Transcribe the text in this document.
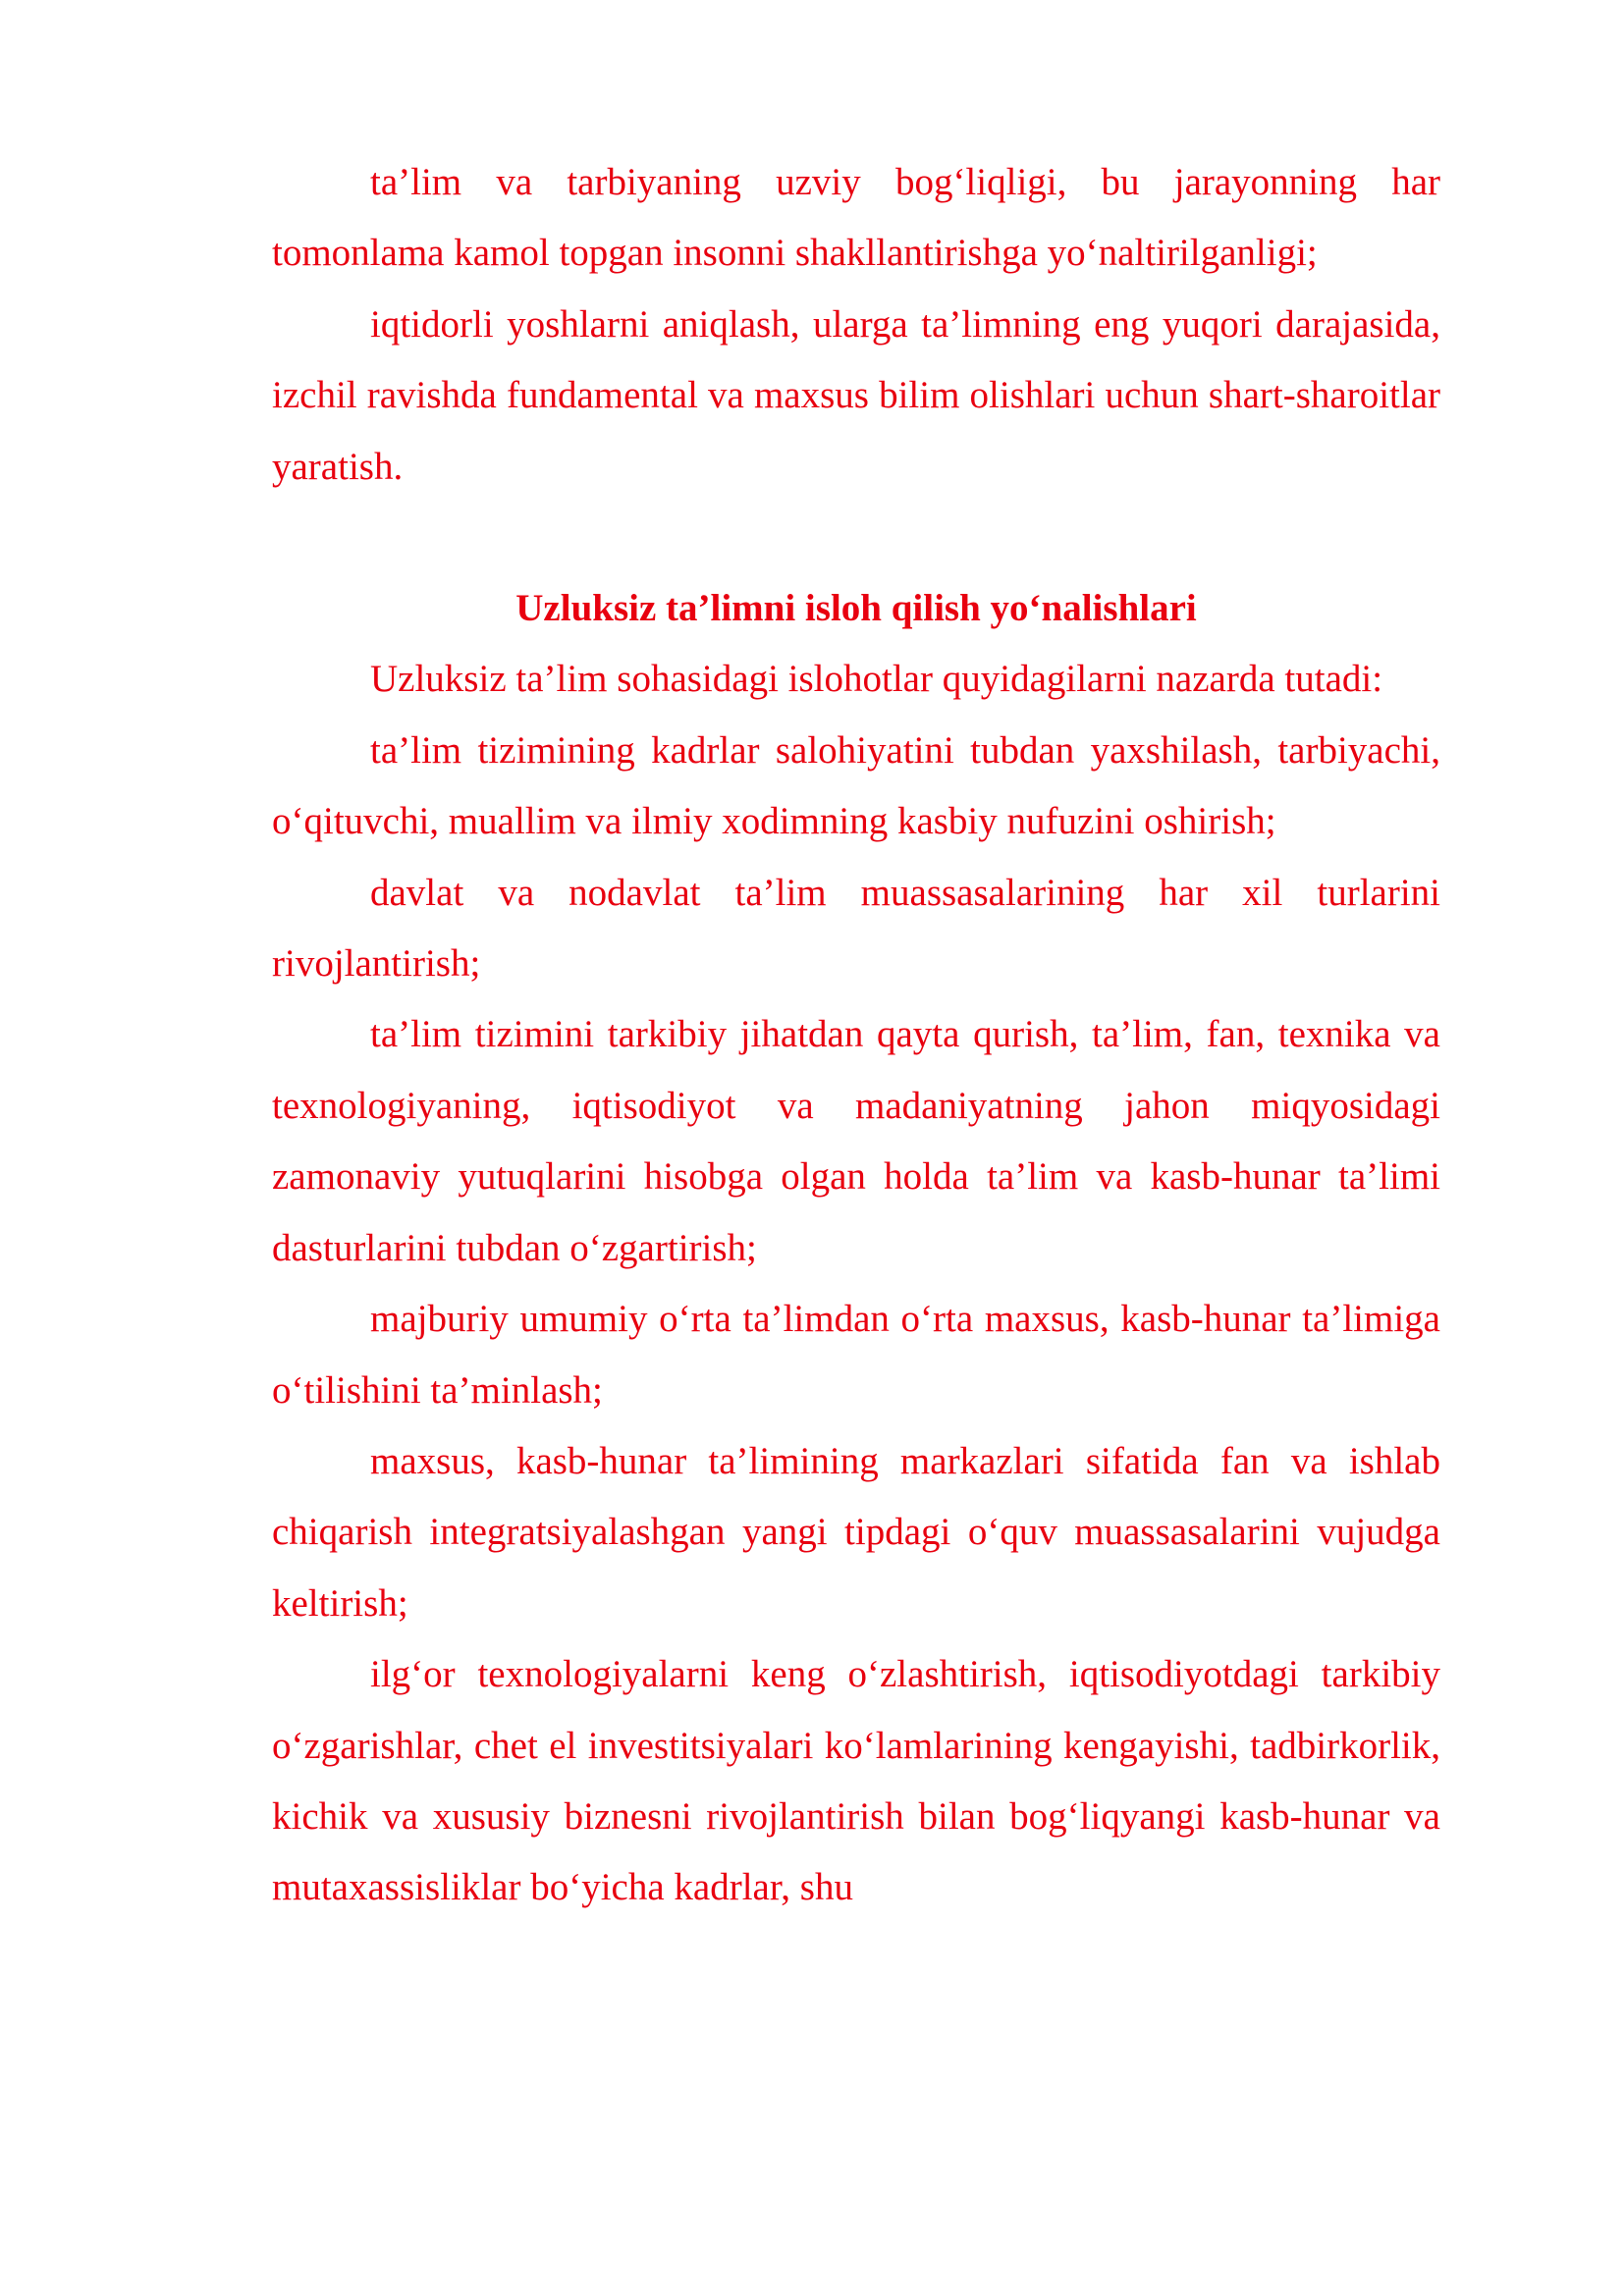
ta’lim va tarbiyaning uzviy bog‘liqligi, bu jarayonning har tomonlama kamol topgan insonni shakllantirishga yo‘naltirilganligi;

iqtidorli yoshlarni aniqlash, ularga ta’limning eng yuqori darajasida, izchil ravishda fundamental va maxsus bilim olishlari uchun shart-sharoitlar yaratish.

Uzluksiz ta’limni isloh qilish yo‘nalishlari

Uzluksiz ta’lim sohasidagi islohotlar quyidagilarni nazarda tutadi:

ta’lim tizimining kadrlar salohiyatini tubdan yaxshilash, tarbiyachi, o‘qituvchi, muallim va ilmiy xodimning kasbiy nufuzini oshirish;

davlat va nodavlat ta’lim muassasalarining har xil turlarini rivojlantirish;

ta’lim tizimini tarkibiy jihatdan qayta qurish, ta’lim, fan, texnika va texnologiyaning, iqtisodiyot va madaniyatning jahon miqyosidagi zamonaviy yutuqlarini hisobga olgan holda ta’lim va kasb-hunar ta’limi dasturlarini tubdan o‘zgartirish;

majburiy umumiy o‘rta ta’limdan o‘rta maxsus, kasb-hunar ta’limiga o‘tilishini ta’minlash;

maxsus, kasb-hunar ta’limining markazlari sifatida fan va ishlab chiqarish integratsiyalashgan yangi tipdagi o‘quv muassasalarini vujudga keltirish;

ilg‘or texnologiyalarni keng o‘zlashtirish, iqtisodiyotdagi tarkibiy o‘zgarishlar, chet el investitsiyalari ko‘lamlarining kengayishi, tadbirkorlik, kichik va xususiy biznesni rivojlantirish bilan bog‘liqyangi kasb-hunar va mutaxassisliklar bo‘yicha kadrlar, shu
